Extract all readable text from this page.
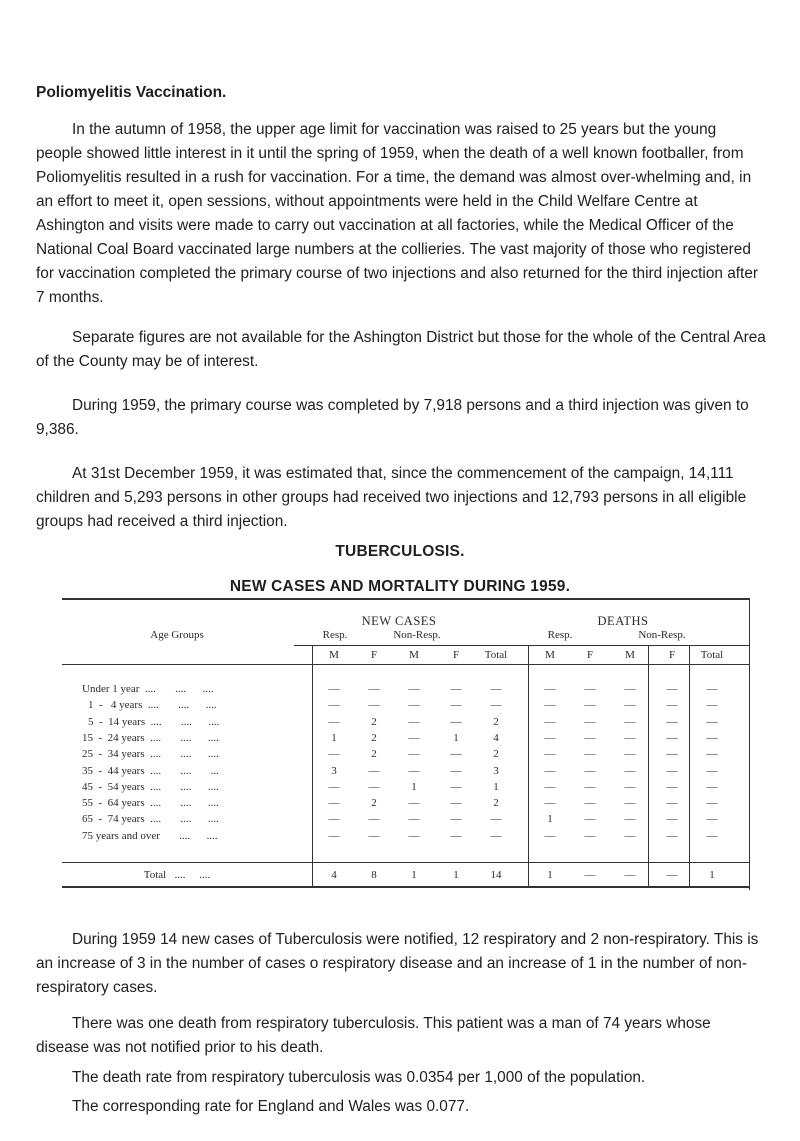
Poliomyelitis Vaccination.

In the autumn of 1958, the upper age limit for vaccination was raised to 25 years but the young people showed little interest in it until the spring of 1959, when the death of a well known footballer, from Poliomyelitis resulted in a rush for vaccination. For a time, the demand was almost over-whelming and, in an effort to meet it, open sessions, without appointments were held in the Child Welfare Centre at Ashington and visits were made to carry out vaccination at all factories, while the Medical Officer of the National Coal Board vaccinated large numbers at the collieries. The vast majority of those who registered for vaccination completed the primary course of two injections and also returned for the third injection after 7 months.

Separate figures are not available for the Ashington District but those for the whole of the Central Area of the County may be of interest.

During 1959, the primary course was completed by 7,918 persons and a third injection was given to 9,386.

At 31st December 1959, it was estimated that, since the commencement of the campaign, 14,111 children and 5,293 persons in other groups had received two injections and 12,793 persons in all eligible groups had received a third injection.

TUBERCULOSIS.
NEW CASES AND MORTALITY DURING 1959.
Age Groups
NEW CASES
Resp.	Non-Resp.
DEATHS
Resp.	Non-Resp.
M	F	M	F	Total	M	F	M	F	Total
Under 1 year  ....       ....      ....	—	—	—	—	—	—	—	—	—	—
1  -   4 years  ....       ....      ....	—	—	—	—	—	—	—	—	—	—
5  -  14 years  ....       ....      ....	—	2	—	—	2	—	—	—	—	—
15  -  24 years  ....       ....      ....	1	2	—	1	4	—	—	—	—	—
25  -  34 years  ....       ....      ....	—	2	—	—	2	—	—	—	—	—
35  -  44 years  ....       ....       ...	3	—	—	—	3	—	—	—	—	—
45  -  54 years  ....       ....      ....	—	—	1	—	1	—	—	—	—	—
55  -  64 years  ....       ....      ....	—	2	—	—	2	—	—	—	—	—
65  -  74 years  ....       ....      ....	—	—	—	—	—	1	—	—	—	—
75 years and over       ....      ....	—	—	—	—	—	—	—	—	—	—
Total   ....     ....	4	8	1	1	14	1	—	—	—	1

During 1959 14 new cases of Tuberculosis were notified, 12 respiratory and 2 non-respiratory. This is an increase of 3 in the number of cases o respiratory disease and an increase of 1 in the number of non-respiratory cases.

There was one death from respiratory tuberculosis. This patient was a man of 74 years whose disease was not notified prior to his death.

The death rate from respiratory tuberculosis was 0.0354 per 1,000 of the population.

The corresponding rate for England and Wales was 0.077.
